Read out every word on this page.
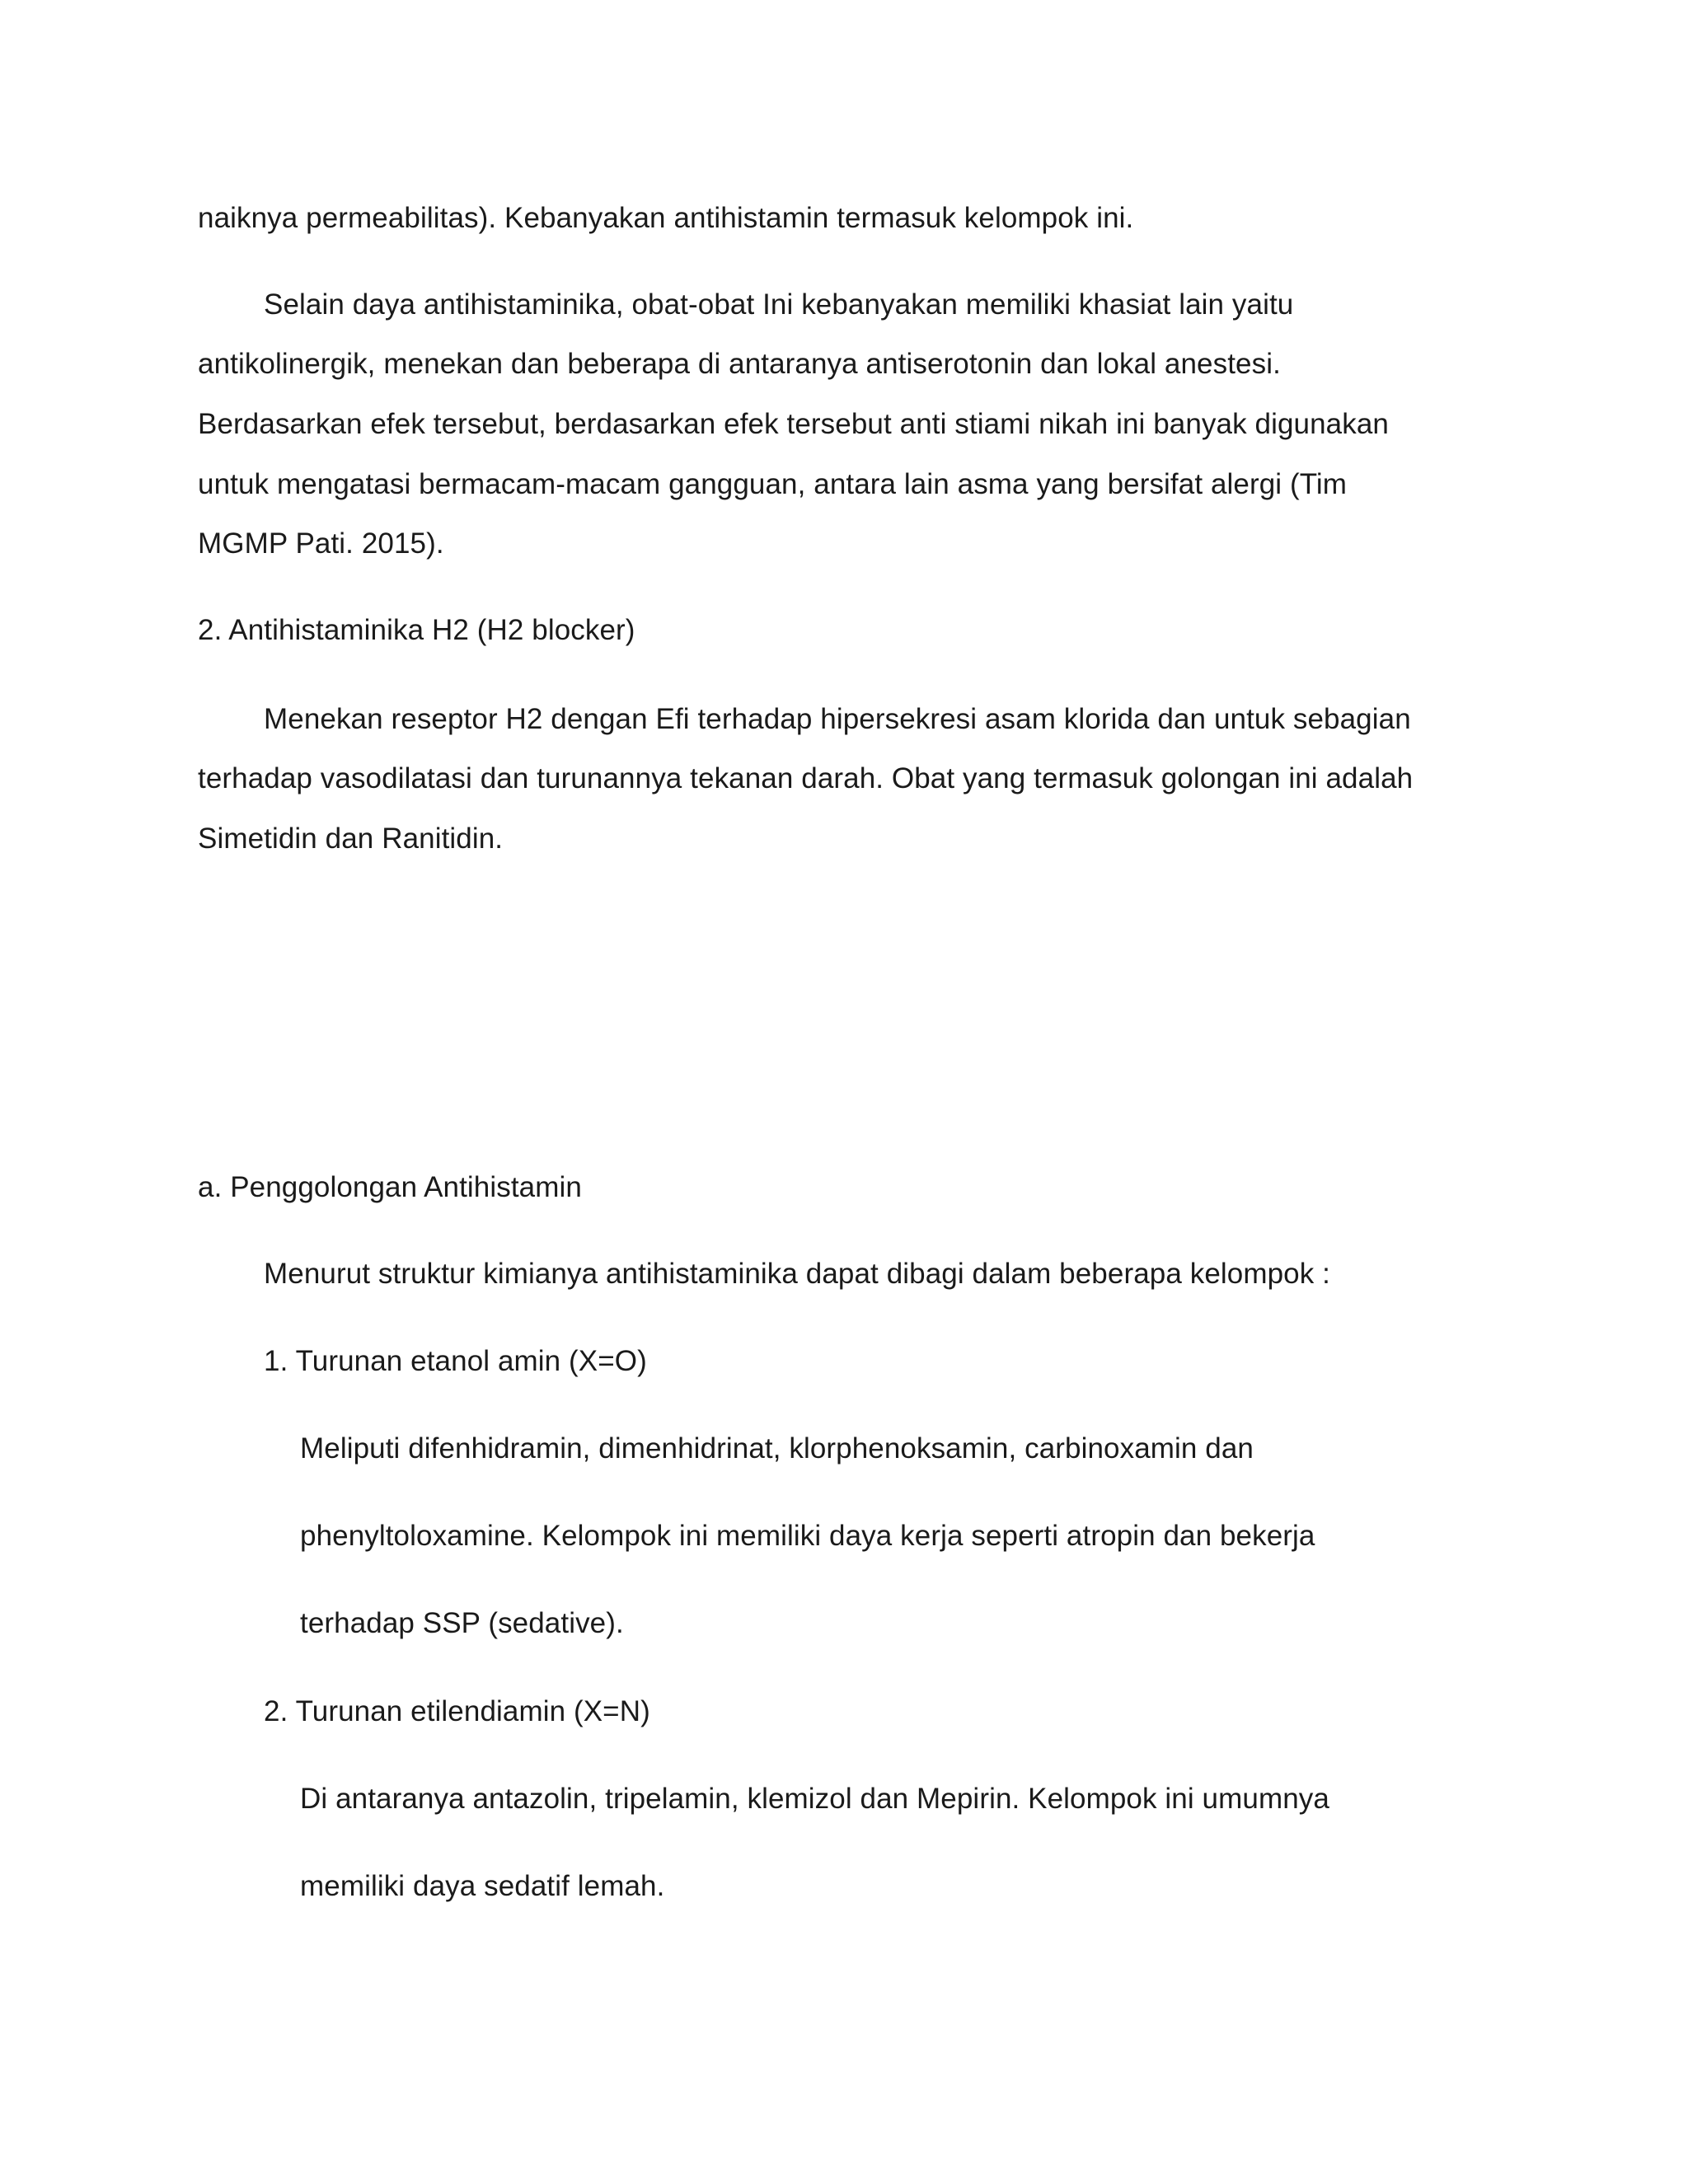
naiknya permeabilitas). Kebanyakan antihistamin termasuk kelompok ini.
Selain daya antihistaminika, obat-obat Ini kebanyakan memiliki khasiat lain yaitu
antikolinergik, menekan dan beberapa di antaranya antiserotonin dan lokal anestesi.
Berdasarkan efek tersebut, berdasarkan efek tersebut anti stiami nikah ini banyak digunakan
untuk mengatasi bermacam-macam gangguan, antara lain asma yang bersifat alergi (Tim
MGMP Pati. 2015).
2. Antihistaminika H2 (H2 blocker)
Menekan reseptor H2 dengan Efi terhadap hipersekresi asam klorida dan untuk sebagian
terhadap vasodilatasi dan turunannya tekanan darah. Obat yang termasuk golongan ini adalah
Simetidin dan Ranitidin.
a. Penggolongan Antihistamin
Menurut struktur kimianya antihistaminika dapat dibagi dalam beberapa kelompok :
1. Turunan etanol amin (X=O)
Meliputi difenhidramin, dimenhidrinat, klorphenoksamin, carbinoxamin dan
phenyltoloxamine. Kelompok ini memiliki daya kerja seperti atropin dan bekerja
terhadap SSP (sedative).
2. Turunan etilendiamin (X=N)
Di antaranya antazolin, tripelamin, klemizol dan Mepirin. Kelompok ini umumnya
memiliki daya sedatif lemah.
